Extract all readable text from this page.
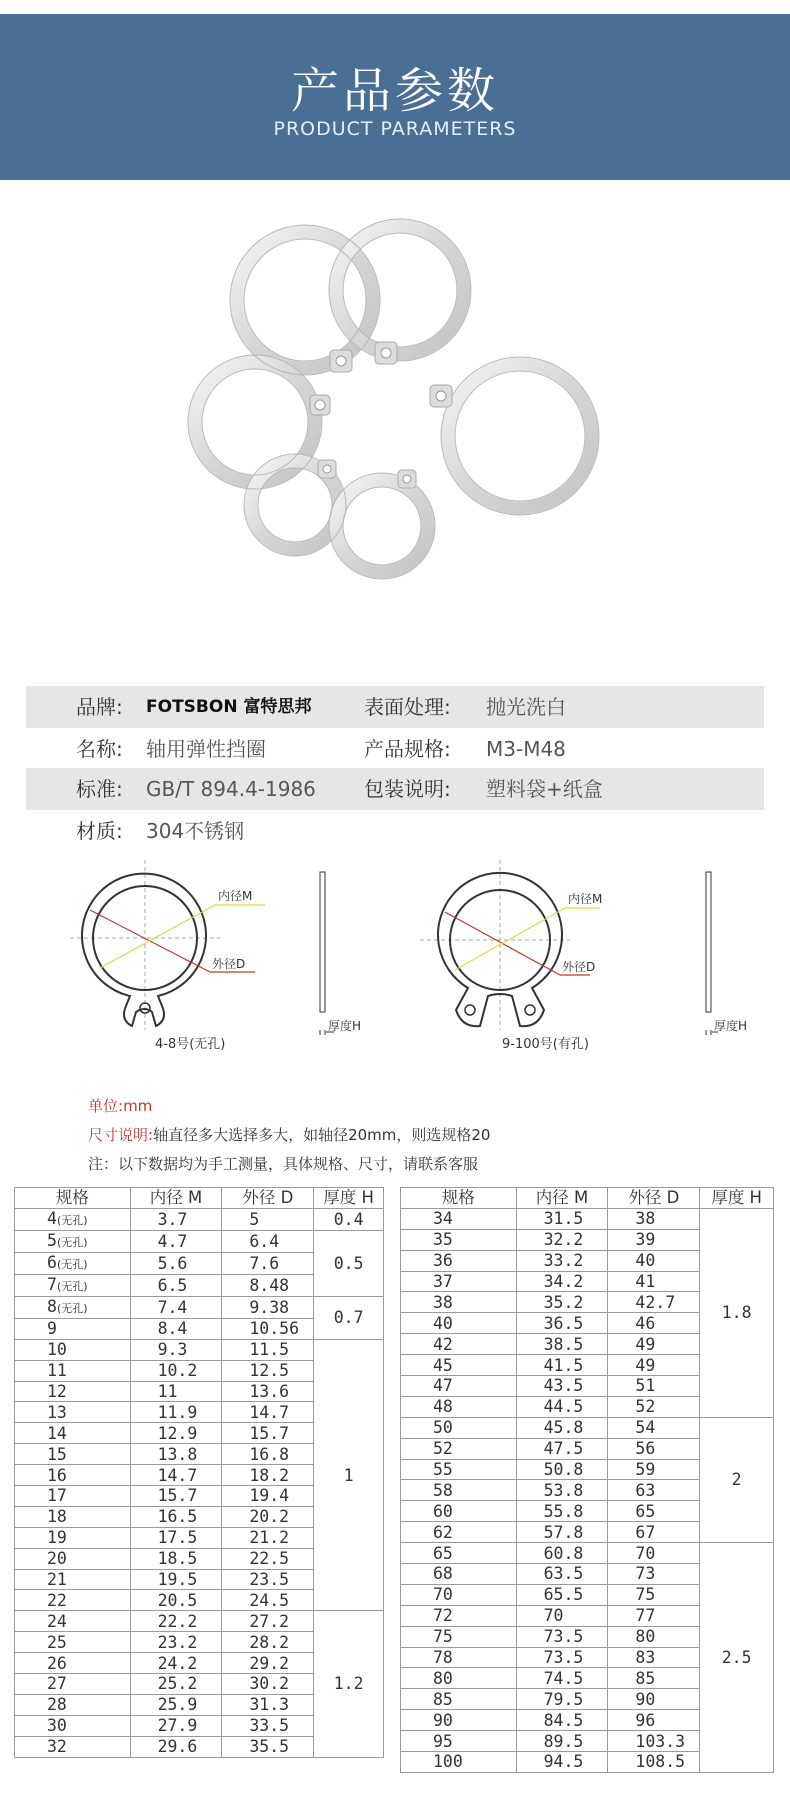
产品参数
PRODUCT PARAMETERS
品牌: FOTSBON 富特思邦	表面处理: 抛光洗白
名称: 轴用弹性挡圈	产品规格: M3-M48
标准: GB/T 894.4-1986 包装说明: 塑料袋+纸盒
材质: 304不锈钢
内径M
外径D
厚度H
4-8号(无孔)
内径M
外径D
厚度H
9-100号(有孔)
单位:mm
尺寸说明:轴直径多大选择多大，如轴径20mm，则选规格20
注：以下数据均为手工测量，具体规格、尺寸，请联系客服
规格	内径 M	外径 D	厚度 H
4(无孔)	3.7	5	0.4
5(无孔)	4.7	6.4	0.5
6(无孔)	5.6	7.6	
7(无孔)	6.5	8.48	
8(无孔)	7.4	9.38	0.7
9	8.4	10.56	
10	9.3	11.5	1
11	10.2	12.5	
12	11	13.6	
13	11.9	14.7	
14	12.9	15.7	
15	13.8	16.8	
16	14.7	18.2	
17	15.7	19.4	
18	16.5	20.2	
19	17.5	21.2	
20	18.5	22.5	
21	19.5	23.5	
22	20.5	24.5	
24	22.2	27.2	1.2
25	23.2	28.2	
26	24.2	29.2	
27	25.2	30.2	
28	25.9	31.3	
30	27.9	33.5	
32	29.6	35.5	
规格	内径 M	外径 D	厚度 H
34	31.5	38	1.8
35	32.2	39	
36	33.2	40	
37	34.2	41	
38	35.2	42.7	
40	36.5	46	
42	38.5	49	
45	41.5	49	
47	43.5	51	
48	44.5	52	
50	45.8	54	2
52	47.5	56	
55	50.8	59	
58	53.8	63	
60	55.8	65	
62	57.8	67	
65	60.8	70	2.5
68	63.5	73	
70	65.5	75	
72	70	77	
75	73.5	80	
78	73.5	83	
80	74.5	85	
85	79.5	90	
90	84.5	96	
95	89.5	103.3	
100	94.5	108.5	
